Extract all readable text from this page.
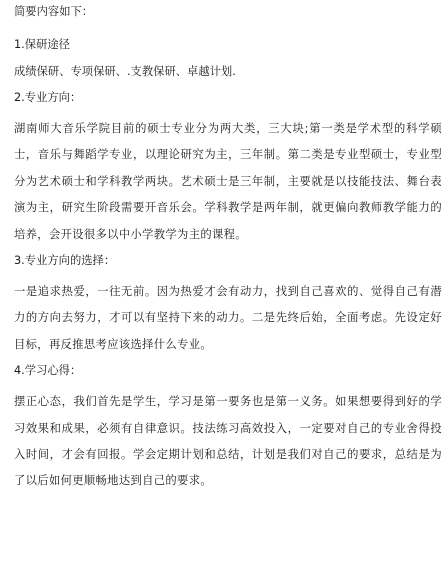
简要内容如下：

1.保研途径

成绩保研、专项保研、.支教保研、卓越计划.

2.专业方向：

湖南师大音乐学院目前的硕士专业分为两大类，三大块;第一类是学术型的科学硕士，音乐与舞蹈学专业，以理论研究为主，三年制。第二类是专业型硕士，专业型分为艺术硕士和学科教学两块。艺术硕士是三年制，主要就是以技能技法、舞台表演为主，研究生阶段需要开音乐会。学科教学是两年制，就更偏向教师教学能力的培养，会开设很多以中小学教学为主的课程。

3.专业方向的选择：

一是追求热爱，一往无前。因为热爱才会有动力，找到自己喜欢的、觉得自己有潜力的方向去努力，才可以有坚持下来的动力。二是先终后始，全面考虑。先设定好目标，再反推思考应该选择什么专业。

4.学习心得：

摆正心态，我们首先是学生，学习是第一要务也是第一义务。如果想要得到好的学习效果和成果，必须有自律意识。技法练习高效投入，一定要对自己的专业舍得投入时间，才会有回报。学会定期计划和总结，计划是我们对自己的要求，总结是为了以后如何更顺畅地达到自己的要求。
